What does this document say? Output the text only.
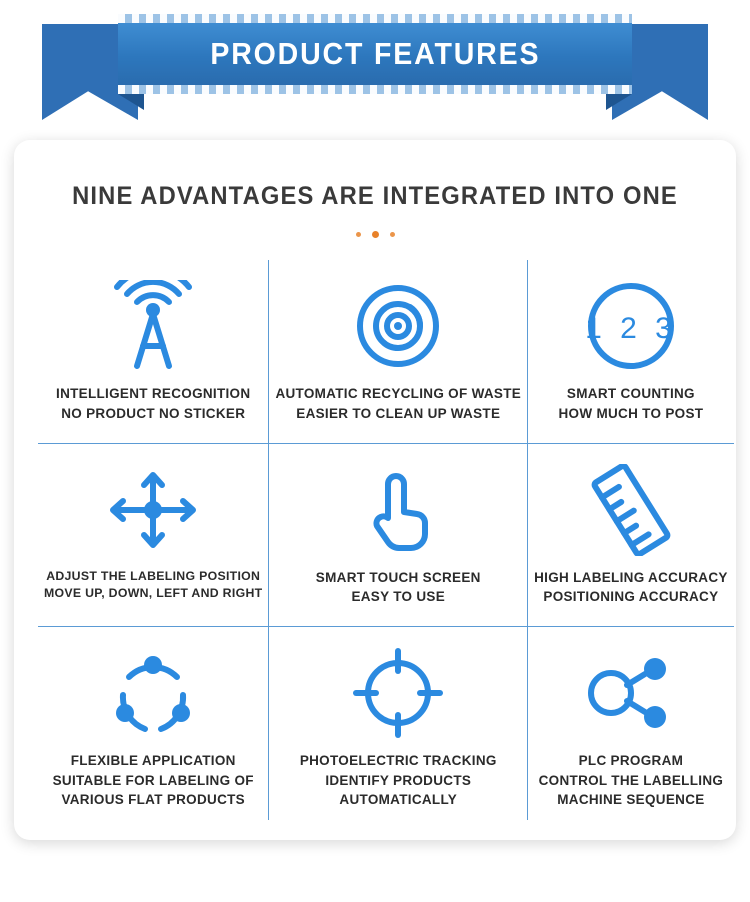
PRODUCT FEATURES
NINE ADVANTAGES ARE INTEGRATED INTO ONE
INTELLIGENT RECOGNITION
NO PRODUCT NO STICKER
AUTOMATIC RECYCLING OF WASTE
EASIER TO CLEAN UP WASTE
1 2 3
SMART COUNTING
HOW MUCH TO POST
ADJUST THE LABELING POSITION
MOVE UP, DOWN, LEFT AND RIGHT
SMART TOUCH SCREEN
EASY TO USE
HIGH LABELING ACCURACY
POSITIONING ACCURACY
FLEXIBLE APPLICATION
SUITABLE FOR LABELING OF
VARIOUS FLAT PRODUCTS
PHOTOELECTRIC TRACKING
IDENTIFY PRODUCTS
AUTOMATICALLY
PLC PROGRAM
CONTROL THE LABELLING
MACHINE SEQUENCE
